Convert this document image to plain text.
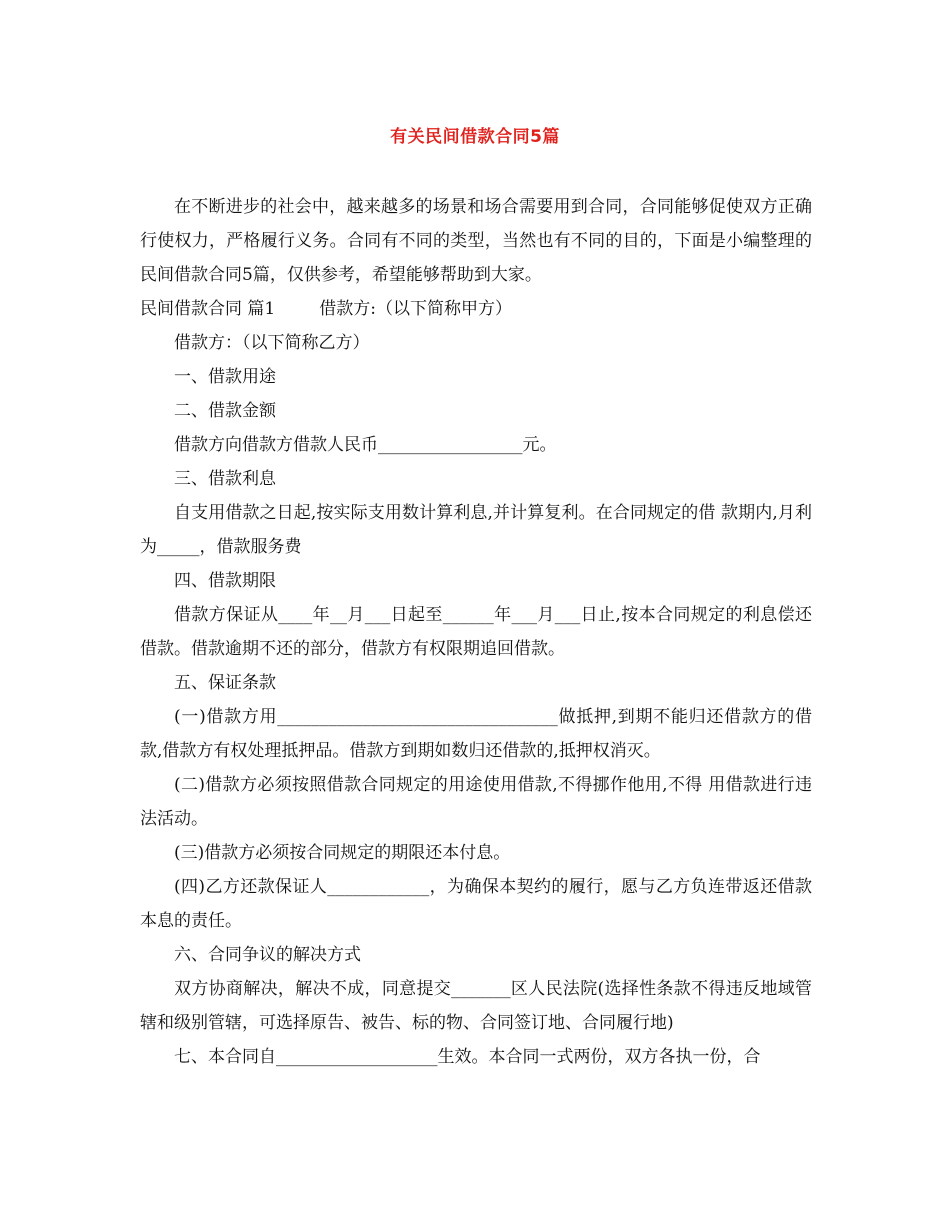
有关民间借款合同5篇

在不断进步的社会中，越来越多的场景和场合需要用到合同，合同能够促使双方正确行使权力，严格履行义务。合同有不同的类型，当然也有不同的目的，下面是小编整理的民间借款合同5篇，仅供参考，希望能够帮助到大家。

民间借款合同 篇1	借款方:（以下简称甲方）

借款方：（以下简称乙方）

一、借款用途

二、借款金额

借款方向借款方借款人民币_________________元。

三、借款利息

自支用借款之日起,按实际支用数计算利息,并计算复利。在合同规定的借 款期内,月利为_____，借款服务费

四、借款期限

借款方保证从____年__月___日起至______年___月___日止,按本合同规定的利息偿还借款。借款逾期不还的部分，借款方有权限期追回借款。

五、保证条款

(一)借款方用_________________________________做抵押,到期不能归还借款方的借款,借款方有权处理抵押品。借款方到期如数归还借款的,抵押权消灭。

(二)借款方必须按照借款合同规定的用途使用借款,不得挪作他用,不得 用借款进行违法活动。

(三)借款方必须按合同规定的期限还本付息。

(四)乙方还款保证人____________，为确保本契约的履行，愿与乙方负连带返还借款本息的责任。

六、合同争议的解决方式

双方协商解决，解决不成，同意提交_______区人民法院(选择性条款不得违反地域管辖和级别管辖，可选择原告、被告、标的物、合同签订地、合同履行地)

七、本合同自___________________生效。本合同一式两份，双方各执一份，合
